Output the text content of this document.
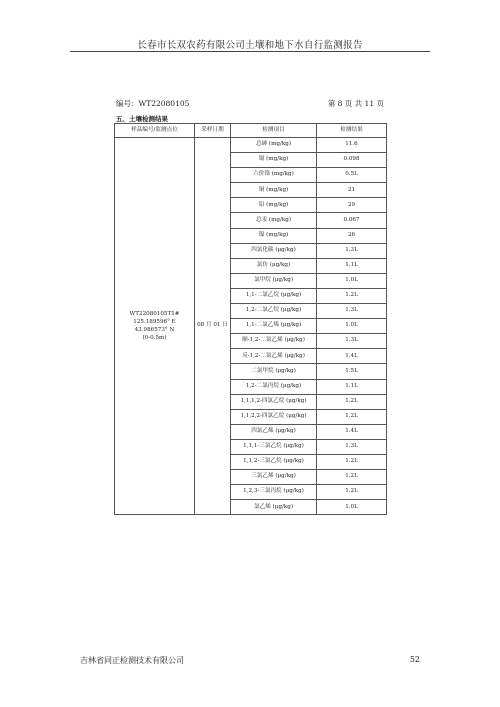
长春市长双农药有限公司土壤和地下水自行监测报告
编号：WT22080105	第 8 页 共 11 页
五、土壤检测结果
样品编号/监测点位	采样日期	检测项目	检测结果

WT22080105T1#
125.189596° E
43.986573° N
(0-0.5m)	08 月 01 日	总砷 (mg/kg)	11.6
		镉 (mg/kg)	0.098
		六价铬 (mg/kg)	0.5L
		铜 (mg/kg)	21
		铅 (mg/kg)	29
		总汞 (mg/kg)	0.067
		镍 (mg/kg)	26
		四氯化碳 (μg/kg)	1.3L
		氯仿 (μg/kg)	1.1L
		氯甲烷 (μg/kg)	1.0L
		1,1-二氯乙烷 (μg/kg)	1.2L
		1,2-二氯乙烷 (μg/kg)	1.3L
		1,1-二氯乙烯 (μg/kg)	1.0L
		顺-1,2-二氯乙烯 (μg/kg)	1.3L
		反-1,2-二氯乙烯 (μg/kg)	1.4L
		二氯甲烷 (μg/kg)	1.5L
		1,2-二氯丙烷 (μg/kg)	1.1L
		1,1,1,2-四氯乙烷 (μg/kg)	1.2L
		1,1,2,2-四氯乙烷 (μg/kg)	1.2L
		四氯乙烯 (μg/kg)	1.4L
		1,1,1-三氯乙烷 (μg/kg)	1.3L
		1,1,2-三氯乙烷 (μg/kg)	1.2L
		三氯乙烯 (μg/kg)	1.2L
		1,2,3-三氯丙烷 (μg/kg)	1.2L
		氯乙烯 (μg/kg)	1.0L
吉林省同正检测技术有限公司	52
